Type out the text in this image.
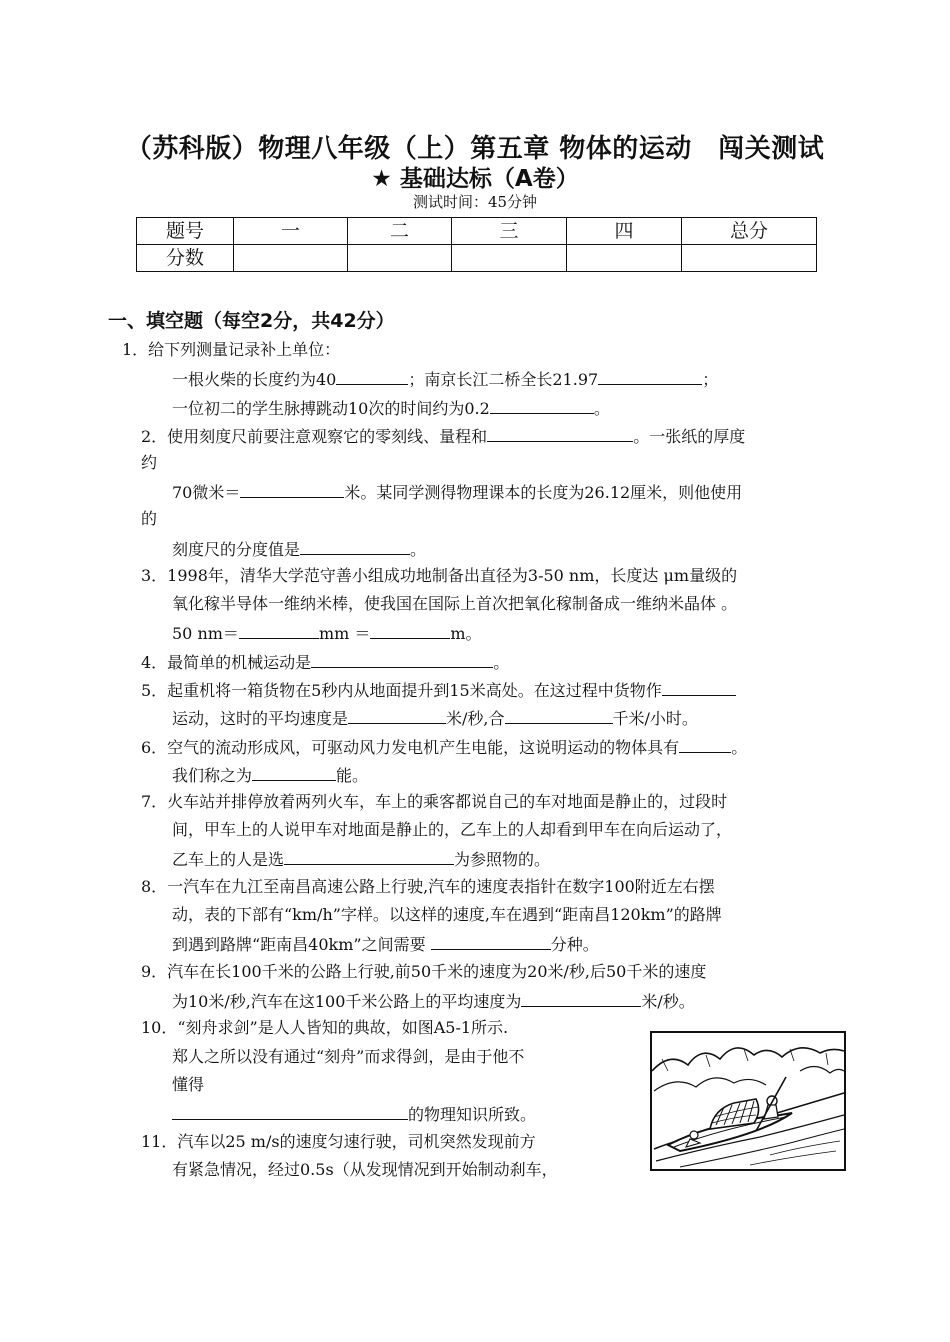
（苏科版）物理八年级（上）第五章 物体的运动　闯关测试
★ 基础达标（A卷）
测试时间：45分钟
题号	一	二	三	四	总分
分数					
一、填空题（每空2分，共42分）
1．给下列测量记录补上单位：
一根火柴的长度约为40	；南京长江二桥全长21.97	；
一位初二的学生脉搏跳动10次的时间约为0.2	。
2．使用刻度尺前要注意观察它的零刻线、量程和	。一张纸的厚度
约
70微米＝	米。某同学测得物理课本的长度为26.12厘米，则他使用
的
刻度尺的分度值是	。
3．1998年，清华大学范守善小组成功地制备出直径为3-50 nm，长度达 μm量级的
氧化稼半导体一维纳米棒，使我国在国际上首次把氧化稼制备成一维纳米晶体 。
50 nm＝	mm ＝	m。
4．最简单的机械运动是	。
5．起重机将一箱货物在5秒内从地面提升到15米高处。在这过程中货物作
运动，这时的平均速度是	米/秒,合	千米/小时。
6．空气的流动形成风，可驱动风力发电机产生电能，这说明运动的物体具有	。
我们称之为	能。
7．火车站并排停放着两列火车，车上的乘客都说自己的车对地面是静止的，过段时
间，甲车上的人说甲车对地面是静止的，乙车上的人却看到甲车在向后运动了，
乙车上的人是选	为参照物的。
8．一汽车在九江至南昌高速公路上行驶,汽车的速度表指针在数字100附近左右摆
动，表的下部有“km/h”字样。以这样的速度,车在遇到“距南昌120km”的路牌
到遇到路牌“距南昌40km”之间需要	分种。
9．汽车在长100千米的公路上行驶,前50千米的速度为20米/秒,后50千米的速度
为10米/秒,汽车在这100千米公路上的平均速度为	米/秒。
10．“刻舟求剑”是人人皆知的典故，如图A5-1所示.
郑人之所以没有通过“刻舟”而求得剑，是由于他不
懂得
的物理知识所致。
11．汽车以25 m/s的速度匀速行驶，司机突然发现前方
有紧急情况，经过0.5s（从发现情况到开始制动刹车，
